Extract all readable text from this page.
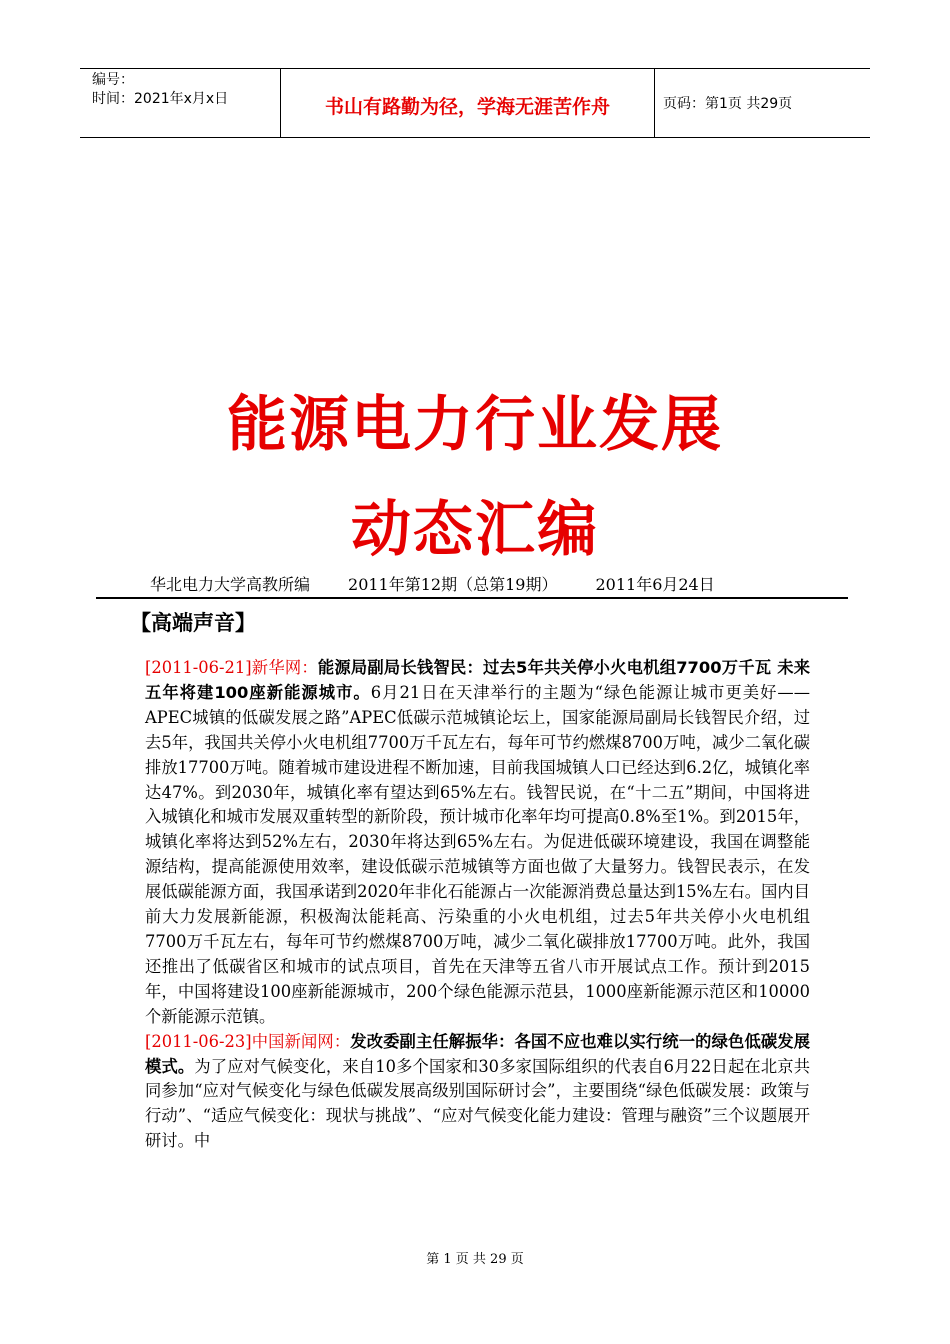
编号：
时间：2021年x月x日	书山有路勤为径，学海无涯苦作舟	页码：第1页 共29页
能源电力行业发展
动态汇编
华北电力大学高教所编 2011年第12期（总第19期） 2011年6月24日
【高端声音】

[2011-06-21]新华网：能源局副局长钱智民：过去5年共关停小火电机组7700万千瓦 未来五年将建100座新能源城市。6月21日在天津举行的主题为“绿色能源让城市更美好——APEC城镇的低碳发展之路”APEC低碳示范城镇论坛上，国家能源局副局长钱智民介绍，过去5年，我国共关停小火电机组7700万千瓦左右，每年可节约燃煤8700万吨，减少二氧化碳排放17700万吨。随着城市建设进程不断加速，目前我国城镇人口已经达到6.2亿，城镇化率达47%。到2030年，城镇化率有望达到65%左右。钱智民说，在“十二五”期间，中国将进入城镇化和城市发展双重转型的新阶段，预计城市化率年均可提高0.8%至1%。到2015年，城镇化率将达到52%左右，2030年将达到65%左右。为促进低碳环境建设，我国在调整能源结构，提高能源使用效率，建设低碳示范城镇等方面也做了大量努力。钱智民表示，在发展低碳能源方面，我国承诺到2020年非化石能源占一次能源消费总量达到15%左右。国内目前大力发展新能源，积极淘汰能耗高、污染重的小火电机组，过去5年共关停小火电机组7700万千瓦左右，每年可节约燃煤8700万吨，减少二氧化碳排放17700万吨。此外，我国还推出了低碳省区和城市的试点项目，首先在天津等五省八市开展试点工作。预计到2015年，中国将建设100座新能源城市，200个绿色能源示范县，1000座新能源示范区和10000个新能源示范镇。

[2011-06-23]中国新闻网：发改委副主任解振华：各国不应也难以实行统一的绿色低碳发展模式。为了应对气候变化，来自10多个国家和30多家国际组织的代表自6月22日起在北京共同参加“应对气候变化与绿色低碳发展高级别国际研讨会”，主要围绕“绿色低碳发展：政策与行动”、“适应气候变化：现状与挑战”、“应对气候变化能力建设：管理与融资”三个议题展开研讨。中

第 1 页 共 29 页
